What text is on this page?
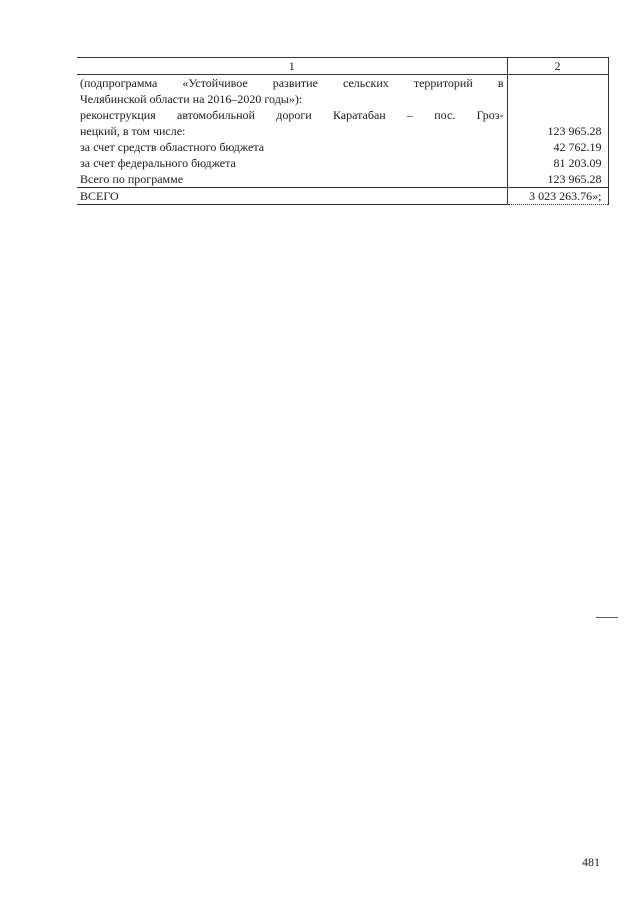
1	2
(подпрограмма «Устойчивое развитие сельских территорий в	
Челябинской области на 2016–2020 годы»):	
реконструкция автомобильной дороги Каратабан – пос. Гроз-	
нецкий, в том числе:	123 965.28
за счет средств областного бюджета	42 762.19
за счет федерального бюджета	81 203.09
Всего по программе	123 965.28
ВСЕГО	3 023 263.76»;
481
